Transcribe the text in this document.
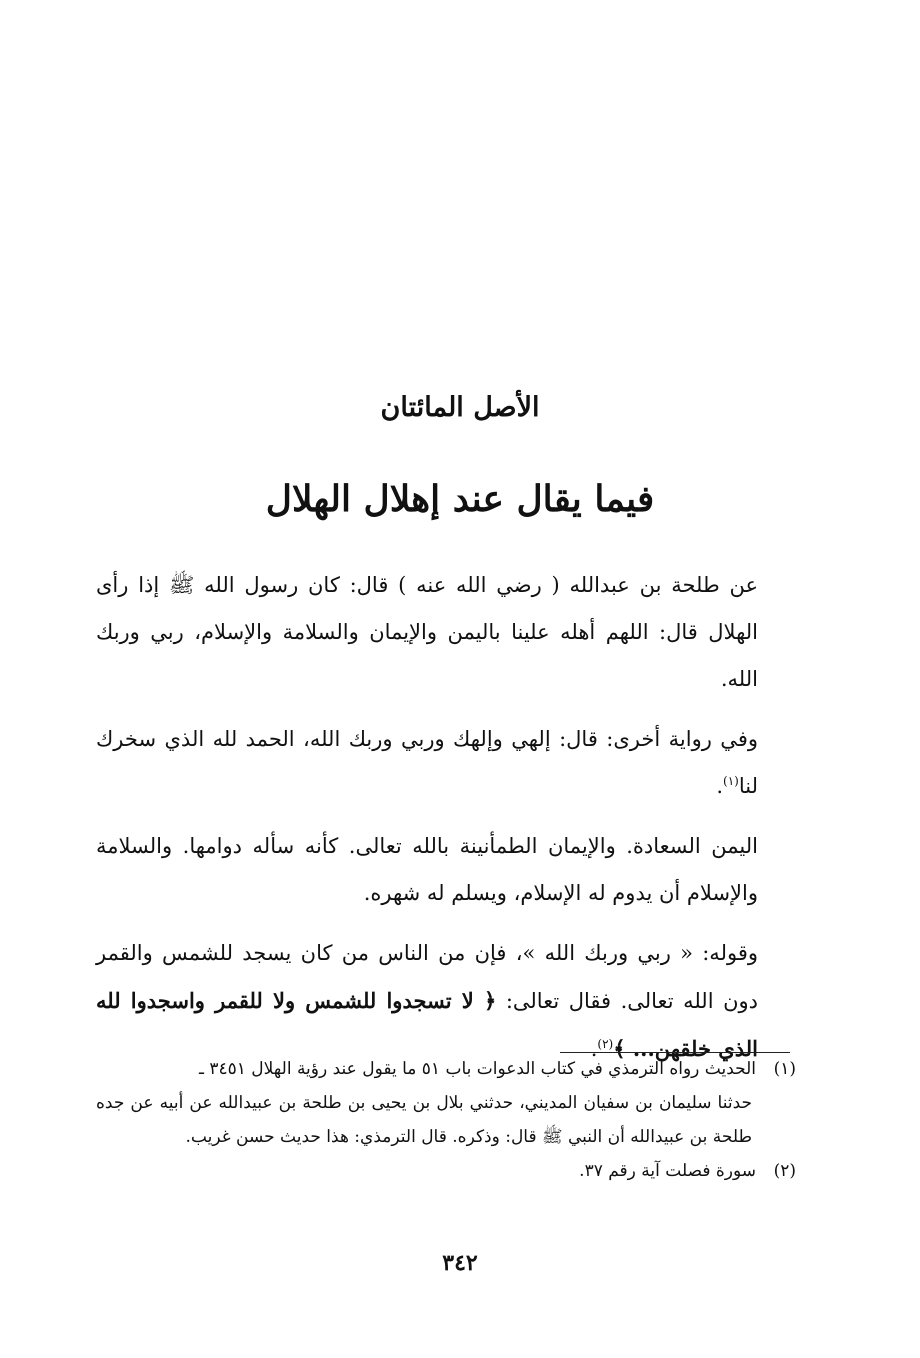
الأصل المائتان
فيما يقال عند إهلال الهلال

عن طلحة بن عبدالله ( رضي الله عنه ) قال: كان رسول الله ﷺ إذا رأى الهلال قال: اللهم أهله علينا باليمن والإيمان والسلامة والإسلام، ربي وربك الله.

وفي رواية أخرى: قال: إلهي وإلهك وربي وربك الله، الحمد لله الذي سخرك لنا$^{(١)}$.

اليمن السعادة. والإيمان الطمأنينة بالله تعالى. كأنه سأله دوامها. والسلامة والإسلام أن يدوم له الإسلام، ويسلم له شهره.

وقوله: « ربي وربك الله »، فإن من الناس من كان يسجد للشمس والقمر دون الله تعالى. فقال تعالى: ﴿ لا تسجدوا للشمس ولا للقمر واسجدوا لله الذي خلقهن... ﴾$^{(٢)}$.

(١)الحديث رواه الترمذي في كتاب الدعوات باب ٥١ ما يقول عند رؤية الهلال ٣٤٥١ ـ

حدثنا سليمان بن سفيان المديني، حدثني بلال بن يحيى بن طلحة بن عبيدالله عن أبيه عن جده طلحة بن عبيدالله أن النبي ﷺ قال: وذكره. قال الترمذي: هذا حديث حسن غريب.

(٢)سورة فصلت آية رقم ٣٧.

٣٤٢
